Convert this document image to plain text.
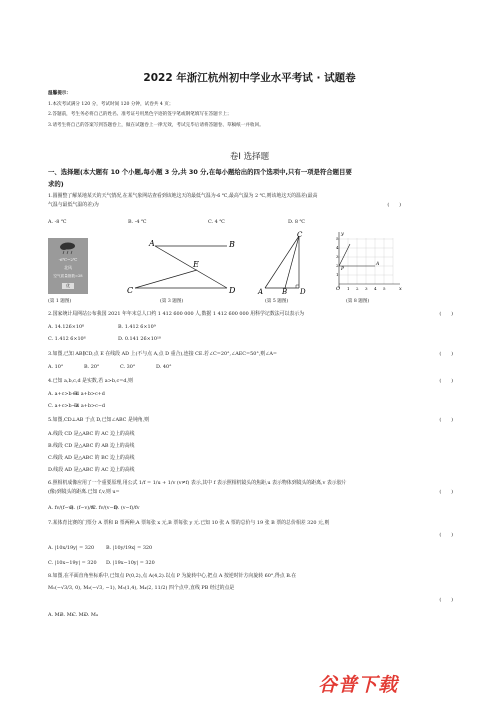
2022 年浙江杭州初中学业水平考试 · 试题卷
温馨提示：
1.本次考试满分 120 分，考试时间 120 分钟，试卷共 4 页；
2.答题前，考生务必将自己的姓名、准考证号用黑色字迹的签字笔或钢笔填写在答题卡上；
3.请考生将自己的答案写到答题卷上，做在试题卷上一律无效，考试完毕后请将答题卷、草稿纸一并收回。
卷Ⅰ 选择题
一、选择题(本大题有 10 个小题,每小题 3 分,共 30 分,在每小题给出的四个选项中,只有一项是符合题目要
求的)
1.圆圈整了解某地某天的天气情况,在某气象网站查看到该地这天的最低气温为-6 ℃,最高气温为 2 ℃,则该地这天的温差(最高
气温与最低气温的差)为	(　　)
A. -8 ℃	B. -4 ℃	C. 4 ℃	D. 8 ℃
-6℃~2℃
北风
空气质量指数=28
优
(第 1 题图)
A	B
C	D
E
(第 3 题图)
C
A	B D
(第 5 题图)
y
x
O
P
A
5
4
3
2
1
1 2 3 4 5
(第 8 题图)
2.国家统计局网站公布我国 2021 年年末总人口约 1 412 600 000 人,数据 1 412 600 000 用科学记数法可以表示为	(　　)
A. 14.126×10⁸	B. 1.412 6×10⁹
C. 1.412 6×10⁸	D. 0.141 26×10¹⁰
3.如图,已知 AB∥CD,点 E 在线段 AD 上(不与点 A,点 D 重合),连接 CE.若∠C=20°,∠AEC=50°,则∠A=	(　　)
A. 10°	B. 20°	C. 30°	D. 40°
4.已知 a,b,c,d 是实数,若 a>b,c=d,则	(　　)
A. a+c>b+dB. a+b>c+d
C. a+c>b−dD. a+b>c−d
5.如图,CD⊥AB 于点 D,已知∠ABC 是钝角,则	(　　)
A.线段 CD 是△ABC 的 AC 边上的高线
B.线段 CD 是△ABC 的 AB 边上的高线
C.线段 AD 是△ABC 的 BC 边上的高线
D.线段 AD 是△ABC 的 AC 边上的高线
6.照相机成像应用了一个重要原理,用公式 1/f = 1/u + 1/v (v≠f) 表示,其中 f 表示照相机镜头的焦距,u 表示物体到镜头的距离,v 表示胶片
(像)到镜头的距离.已知 f,v,则 u=	(　　)
A. fv/(f−v)B. (f−v)/fvC. fv/(v−f)D. (v−f)/fv
7.某体育比赛的门票分 A 票和 B 票两种,A 票每张 x 元,B 票每张 y 元.已知 10 张 A 票的总价与 19 张 B 票的总价相差 320 元,则
(　　)
A. |10x/19y| = 320 B. |10y/19x| = 320
C. |10x−19y| = 320 D. |19x−10y| = 320
8.如图,在平面直角坐标系中,已知点 P(0,2),点 A(4,2).以点 P 为旋转中心,把点 A 按逆时针方向旋转 60°,得点 B.在
M₁(−√3/3, 0), M₂(−√3, −1), M₃(1,4), M₄(2, 11/2) 四个点中,直线 PB 经过的点是
(　　)
A. M₁B. M₂C. M₃D. M₄
谷普下载
